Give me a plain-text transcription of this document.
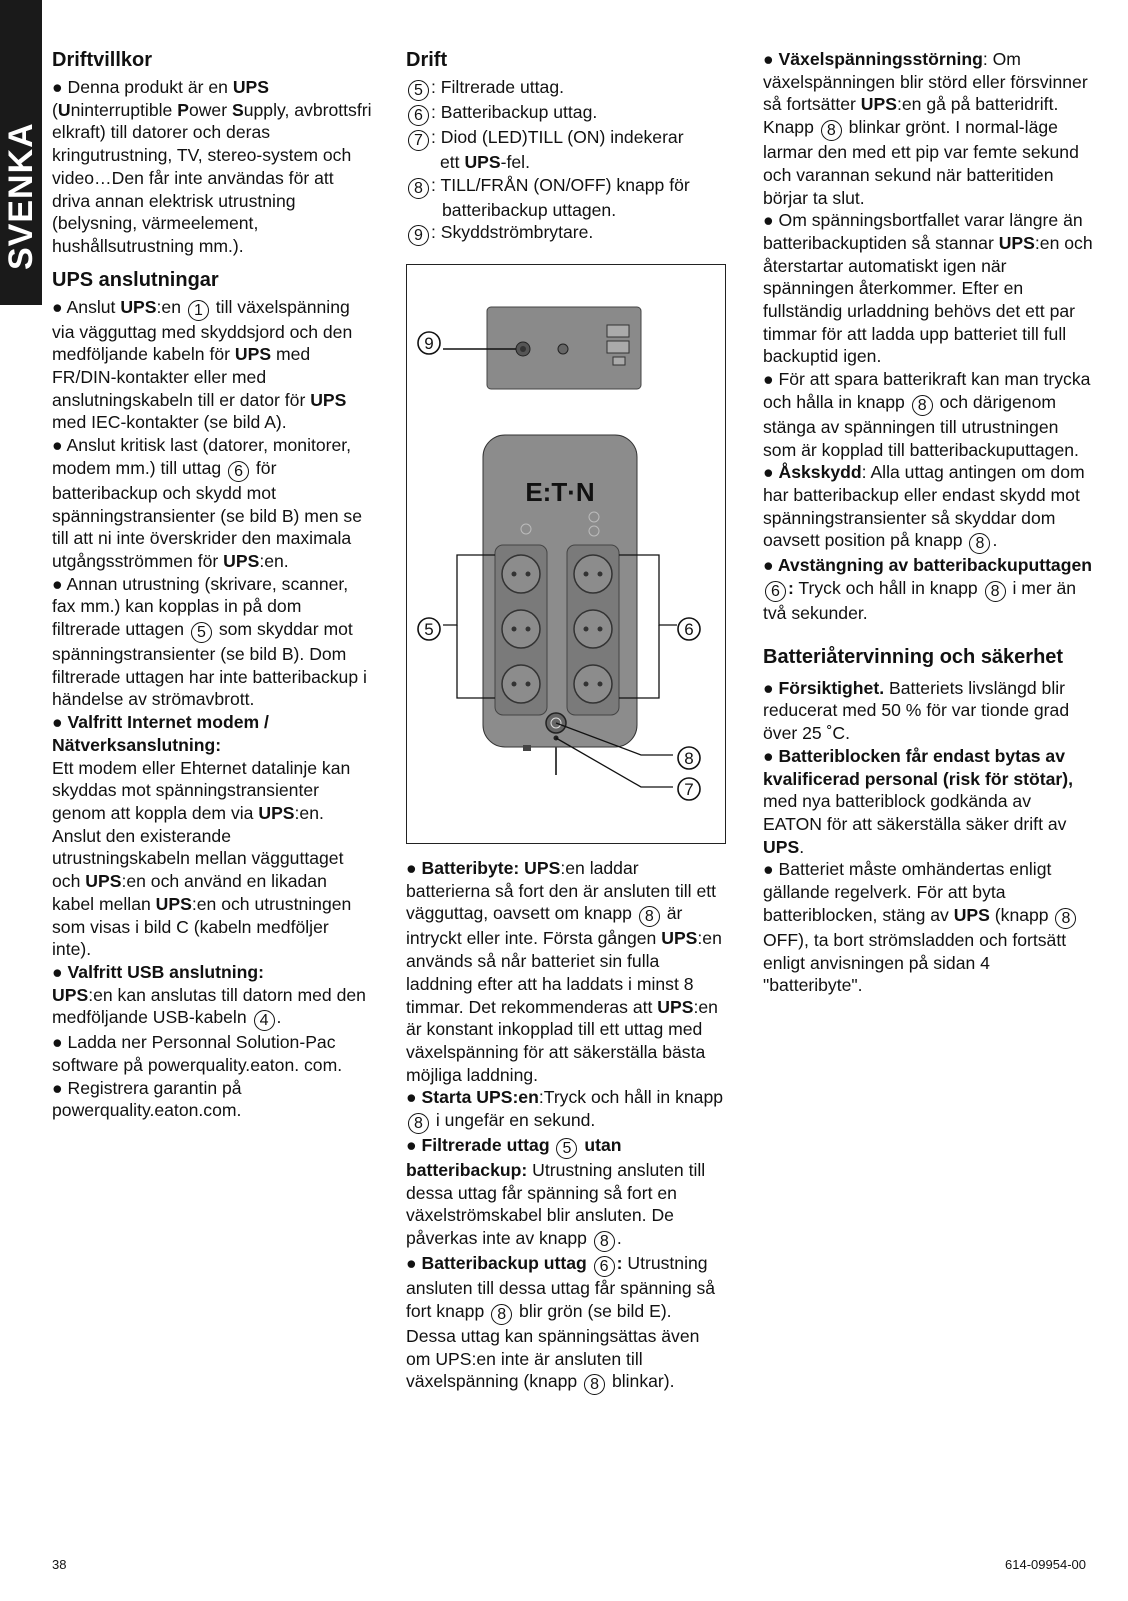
SVENKA
Driftvillkor

● Denna produkt är en UPS
(Uninterruptible Power Supply, avbrottsfri elkraft) till datorer och deras kringutrustning, TV, stereo-system och video…Den får inte användas för att driva annan elektrisk utrustning (belysning, värmeelement, hushållsutrustning mm.).

UPS anslutningar

● Anslut UPS:en 1 till växelspänning via vägguttag med skyddsjord och den medföljande kabeln för UPS med FR/DIN-kontakter eller med anslutningskabeln till er dator för UPS med IEC-kontakter (se bild A).

● Anslut kritisk last (datorer, monitorer, modem mm.) till uttag 6 för batteribackup och skydd mot spänningstransienter (se bild B) men se till att ni inte överskrider den maximala utgångsströmmen för UPS:en.

● Annan utrustning (skrivare, scanner, fax mm.) kan kopplas in på dom filtrerade uttagen 5 som skyddar mot spänningstransienter (se bild B). Dom filtrerade uttagen har inte batteribackup i händelse av strömavbrott.

● Valfritt Internet modem / Nätverksanslutning:

Ett modem eller Ehternet datalinje kan skyddas mot spänningstransienter genom att koppla dem via UPS:en. Anslut den existerande utrustningskabeln mellan vägguttaget och UPS:en och använd en likadan kabel mellan UPS:en och utrustningen som visas i bild C (kabeln medföljer inte).

● Valfritt USB anslutning:

UPS:en kan anslutas till datorn med den medföljande USB-kabeln 4 .

● Ladda ner Personnal Solution-Pac software på powerquality.eaton. com.

● Registrera garantin på powerquality.eaton.com.

Drift
5 : Filtrerade uttag.
6 : Batteribackup uttag.
7 : Diod (LED)TILL (ON) indekerar
ett UPS-fel.
8 : TILL/FRÅN (ON/OFF) knapp för
batteribackup uttagen.
9 : Skyddströmbrytare.
E:T·N
9
5	6
8
7

● Batteribyte: UPS:en laddar batterierna så fort den är ansluten till ett vägguttag, oavsett om knapp 8 är intryckt eller inte. Första gången UPS:en används så når batteriet sin fulla laddning efter att ha laddats i minst 8 timmar. Det rekommenderas att UPS:en är konstant inkopplad till ett uttag med växelspänning för att säkerställa bästa möjliga laddning.

● Starta UPS:en:Tryck och håll in knapp 8 i ungefär en sekund.

● Filtrerade uttag 5 utan batteribackup: Utrustning ansluten till dessa uttag får spänning så fort en växelströmskabel blir ansluten. De påverkas inte av knapp 8 .

● Batteribackup uttag 6 : Utrustning ansluten till dessa uttag får spänning så fort knapp 8 blir grön (se bild E). Dessa uttag kan spänningsättas även om UPS:en inte är ansluten till växelspänning (knapp 8 blinkar).

● Växelspänningsstörning: Om växelspänningen blir störd eller försvinner så fortsätter UPS:en gå på batteridrift. Knapp 8 blinkar grönt. I normal-läge larmar den med ett pip var femte sekund och varannan sekund när batteritiden börjar ta slut.

● Om spänningsbortfallet varar längre än batteribackuptiden så stannar UPS:en och återstartar automatiskt igen när spänningen återkommer. Efter en fullständig urladdning behövs det ett par timmar för att ladda upp batteriet till full backuptid igen.

● För att spara batterikraft kan man trycka och hålla in knapp 8 och därigenom stänga av spänningen till utrustningen som är kopplad till batteribackuputtagen.

● Åskskydd: Alla uttag antingen om dom har batteribackup eller endast skydd mot spänningstransienter så skyddar dom oavsett position på knapp 8 .

● Avstängning av batteribackuputtagen 6 : Tryck och håll in knapp 8 i mer än två sekunder.

Batteriåtervinning och säkerhet

● Försiktighet. Batteriets livslängd blir reducerat med 50 % för var tionde grad över 25 ˚C.

● Batteriblocken får endast bytas av kvalificerad personal (risk för stötar), med nya batteriblock godkända av EATON för att säkerställa säker drift av UPS.

● Batteriet måste omhändertas enligt gällande regelverk. För att byta batteriblocken, stäng av UPS (knapp 8 OFF), ta bort strömsladden och fortsätt enligt anvisningen på sidan 4 "batteribyte".

38	614-09954-00
